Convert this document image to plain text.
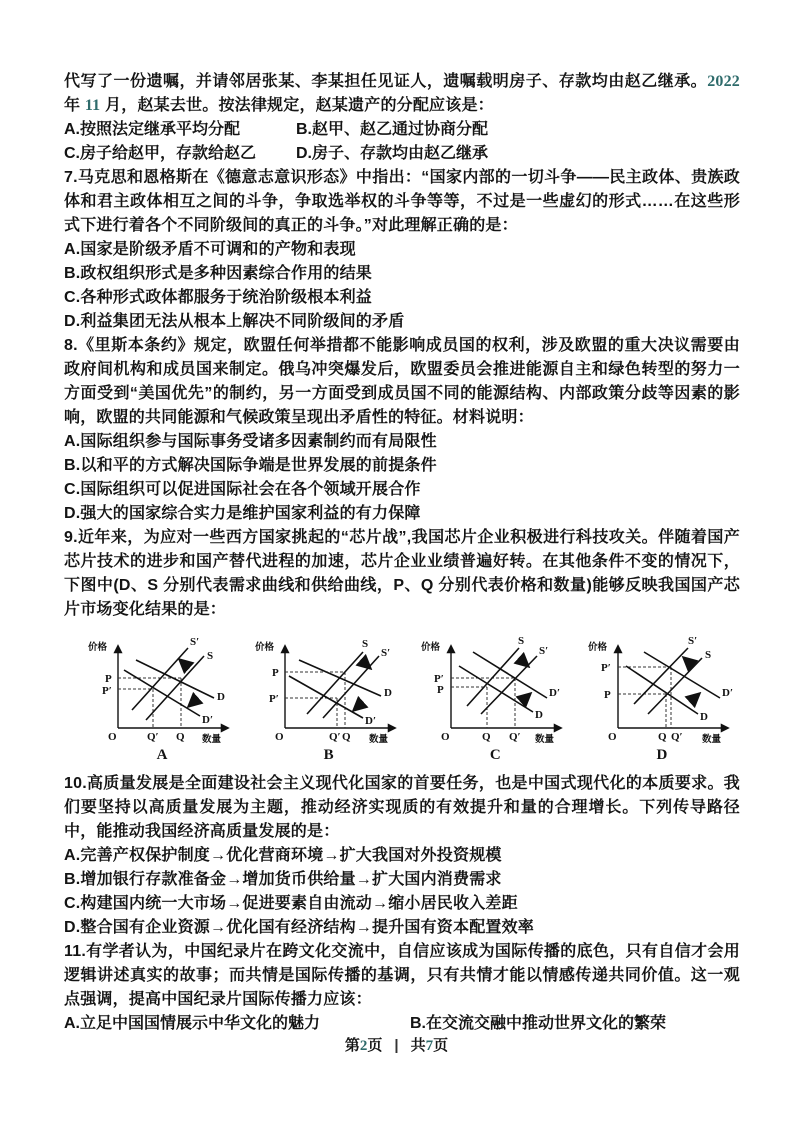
代写了一份遗嘱，并请邻居张某、李某担任见证人，遗嘱载明房子、存款均由赵乙继承。2022 年 11 月，赵某去世。按法律规定，赵某遗产的分配应该是：

A.按照法定继承平均分配	B.赵甲、赵乙通过协商分配
C.房子给赵甲，存款给赵乙	D.房子、存款均由赵乙继承

7.马克思和恩格斯在《德意志意识形态》中指出：“国家内部的一切斗争——民主政体、贵族政体和君主政体相互之间的斗争，争取选举权的斗争等等，不过是一些虚幻的形式……在这些形式下进行着各个不同阶级间的真正的斗争。”对此理解正确的是：

A.国家是阶级矛盾不可调和的产物和表现

B.政权组织形式是多种因素综合作用的结果

C.各种形式政体都服务于统治阶级根本利益

D.利益集团无法从根本上解决不同阶级间的矛盾

8.《里斯本条约》规定，欧盟任何举措都不能影响成员国的权利，涉及欧盟的重大决议需要由政府间机构和成员国来制定。俄乌冲突爆发后，欧盟委员会推进能源自主和绿色转型的努力一方面受到“美国优先”的制约，另一方面受到成员国不同的能源结构、内部政策分歧等因素的影响，欧盟的共同能源和气候政策呈现出矛盾性的特征。材料说明：

A.国际组织参与国际事务受诸多因素制约而有局限性

B.以和平的方式解决国际争端是世界发展的前提条件

C.国际组织可以促进国际社会在各个领域开展合作

D.强大的国家综合实力是维护国家利益的有力保障

9.近年来，为应对一些西方国家挑起的“芯片战”,我国芯片企业积极进行科技攻关。伴随着国产芯片技术的进步和国产替代进程的加速，芯片企业业绩普遍好转。在其他条件不变的情况下，下图中(D、S 分别代表需求曲线和供给曲线，P、Q 分别代表价格和数量)能够反映我国国产芯片市场变化结果的是：

价格
数量
O
S′
S
D
D′
P
P′
Q′ Q
A
价格
数量
O
S
S′
D
D′
P
P′
Q′ Q
B
价格
数量
O
S
S′
D′
D
P′
P
Q Q′
C
价格
数量
O
S′
S
D′
D
P′
P
Q Q′
D

10.高质量发展是全面建设社会主义现代化国家的首要任务，也是中国式现代化的本质要求。我们要坚持以高质量发展为主题，推动经济实现质的有效提升和量的合理增长。下列传导路径中，能推动我国经济高质量发展的是：

A.完善产权保护制度→优化营商环境→扩大我国对外投资规模

B.增加银行存款准备金→增加货币供给量→扩大国内消费需求

C.构建国内统一大市场→促进要素自由流动→缩小居民收入差距

D.整合国有企业资源→优化国有经济结构→提升国有资本配置效率

11.有学者认为，中国纪录片在跨文化交流中，自信应该成为国际传播的底色，只有自信才会用逻辑讲述真实的故事；而共情是国际传播的基调，只有共情才能以情感传递共同价值。这一观点强调，提高中国纪录片国际传播力应该：

A.立足中国国情展示中华文化的魅力	B.在交流交融中推动世界文化的繁荣
第2页 | 共7页
